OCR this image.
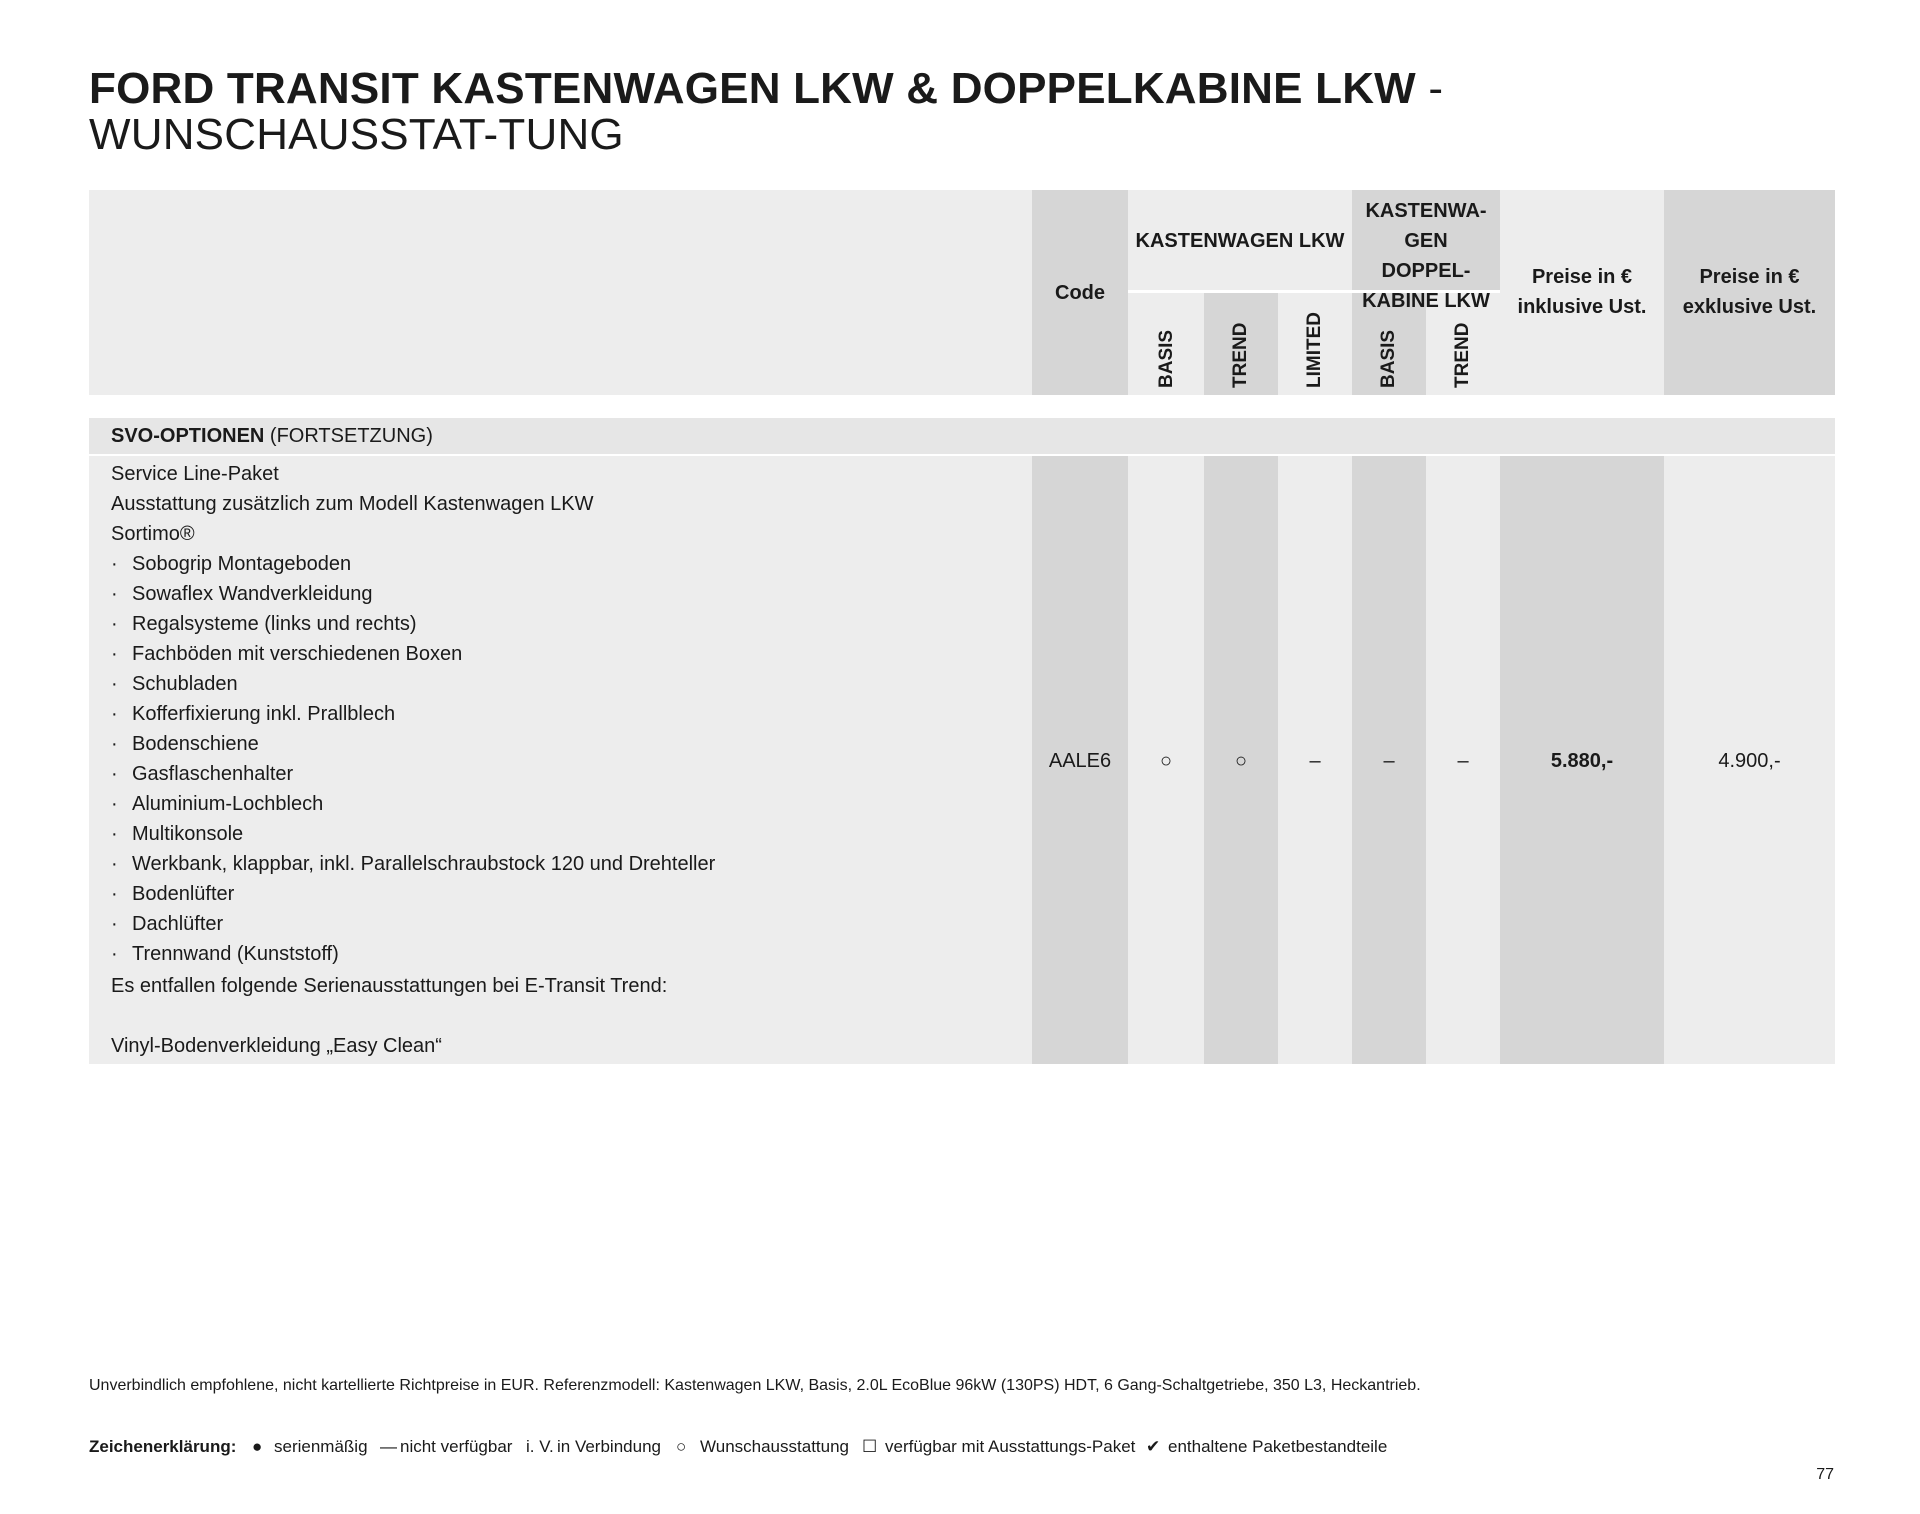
FORD TRANSIT KASTENWAGEN LKW & DOPPELKABINE LKW - WUNSCHAUSSTAT-TUNG
Code
KASTENWAGEN LKW
KASTENWA-GEN DOPPEL-KABINE LKW
Preise in € inklusive Ust.
Preise in € exklusive Ust.
BASIS	TREND	LIMITED	BASIS	TREND
SVO-OPTIONEN (FORTSETZUNG)
Service Line-Paket
Ausstattung zusätzlich zum Modell Kastenwagen LKW
Sortimo®
· Sobogrip Montageboden
· Sowaflex Wandverkleidung
· Regalsysteme (links und rechts)
· Fachböden mit verschiedenen Boxen
· Schubladen
· Kofferfixierung inkl. Prallblech
· Bodenschiene
· Gasflaschenhalter
· Aluminium-Lochblech
· Multikonsole
· Werkbank, klappbar, inkl. Parallelschraubstock 120 und Drehteller
· Bodenlüfter
· Dachlüfter
· Trennwand (Kunststoff)
Es entfallen folgende Serienausstattungen bei E-Transit Trend:
Vinyl-Bodenverkleidung „Easy Clean“
AALE6	○	○	–	–	–	5.880,-	4.900,-
Unverbindlich empfohlene, nicht kartellierte Richtpreise in EUR. Referenzmodell: Kastenwagen LKW, Basis, 2.0L EcoBlue 96kW (130PS) HDT, 6 Gang-Schaltgetriebe, 350 L3, Heckantrieb.
Zeichenerklärung: ● serienmäßig — nicht verfügbar i. V. in Verbindung ○ Wunschausstattung ☐ verfügbar mit Ausstattungs-Paket ✔ enthaltene Paketbestandteile
77
